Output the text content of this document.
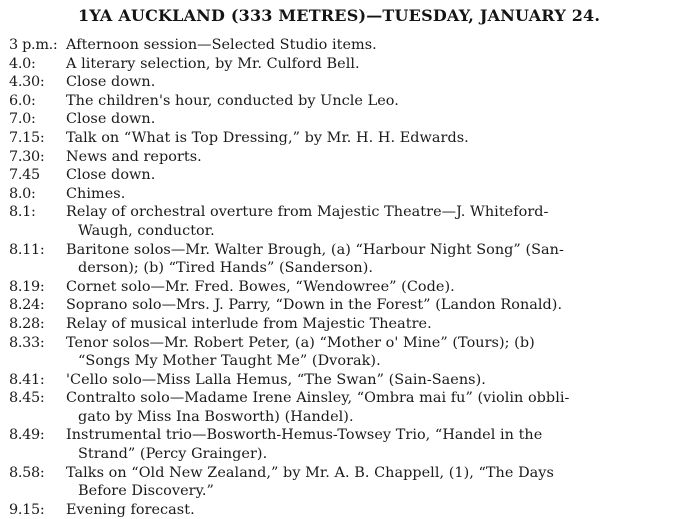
1YA AUCKLAND (333 METRES)—TUESDAY, JANUARY 24.
3 p.m.: Afternoon session—Selected Studio items.
4.0:	A literary selection, by Mr. Culford Bell.
4.30:	Close down.
6.0:	The children's hour, conducted by Uncle Leo.
7.0:	Close down.
7.15:	Talk on “What is Top Dressing,” by Mr. H. H. Edwards.
7.30:	News and reports.
7.45	Close down.
8.0:	Chimes.
8.1:	Relay of orchestral overture from Majestic Theatre—J. Whiteford-
Waugh, conductor.
8.11:	Baritone solos—Mr. Walter Brough, (a) “Harbour Night Song” (San-
derson); (b) “Tired Hands” (Sanderson).
8.19:	Cornet solo—Mr. Fred. Bowes, “Wendowree” (Code).
8.24:	Soprano solo—Mrs. J. Parry, “Down in the Forest” (Landon Ronald).
8.28:	Relay of musical interlude from Majestic Theatre.
8.33:	Tenor solos—Mr. Robert Peter, (a) “Mother o' Mine” (Tours); (b)
“Songs My Mother Taught Me” (Dvorak).
8.41:	'Cello solo—Miss Lalla Hemus, “The Swan” (Sain-Saens).
8.45:	Contralto solo—Madame Irene Ainsley, “Ombra mai fu” (violin obbli-
gato by Miss Ina Bosworth) (Handel).
8.49:	Instrumental trio—Bosworth-Hemus-Towsey Trio, “Handel in the
Strand” (Percy Grainger).
8.58:	Talks on “Old New Zealand,” by Mr. A. B. Chappell, (1), “The Days
Before Discovery.”
9.15:	Evening forecast.
